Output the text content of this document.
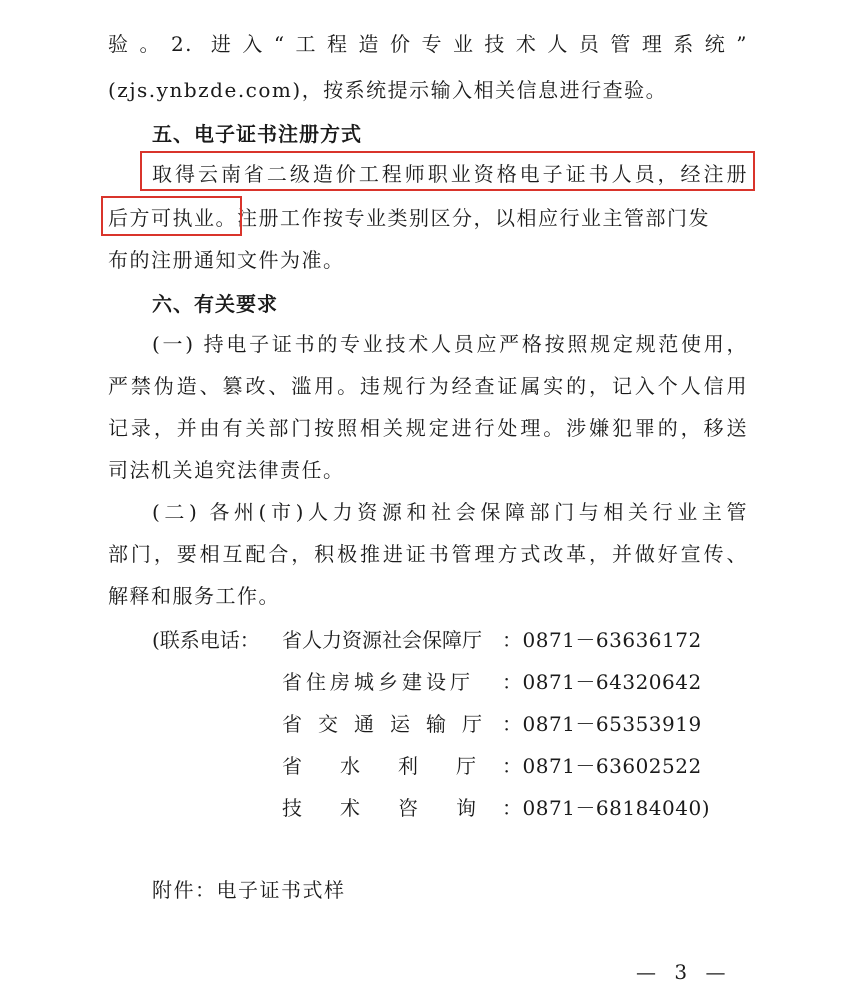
验。2. 进入“工程造价专业技术人员管理系统”
(zjs.ynbzde.com)，按系统提示输入相关信息进行查验。
五、电子证书注册方式
取得云南省二级造价工程师职业资格电子证书人员，经注册
后方可执业。注册工作按专业类别区分，以相应行业主管部门发
布的注册通知文件为准。
六、有关要求
(一) 持电子证书的专业技术人员应严格按照规定规范使用，
严禁伪造、篡改、滥用。违规行为经查证属实的，记入个人信用
记录，并由有关部门按照相关规定进行处理。涉嫌犯罪的，移送
司法机关追究法律责任。
(二) 各州(市)人力资源和社会保障部门与相关行业主管
部门，要相互配合，积极推进证书管理方式改革，并做好宣传、
解释和服务工作。
(联系电话： 省人力资源社会保障厅 ：0871－63636172
省住房城乡建设厅	：0871－64320642
省交通运输厅 ：0871－65353919
省水利厅
：0871－63602522
技术咨询
：0871－68184040)
附件：电子证书式样
— 3 —
